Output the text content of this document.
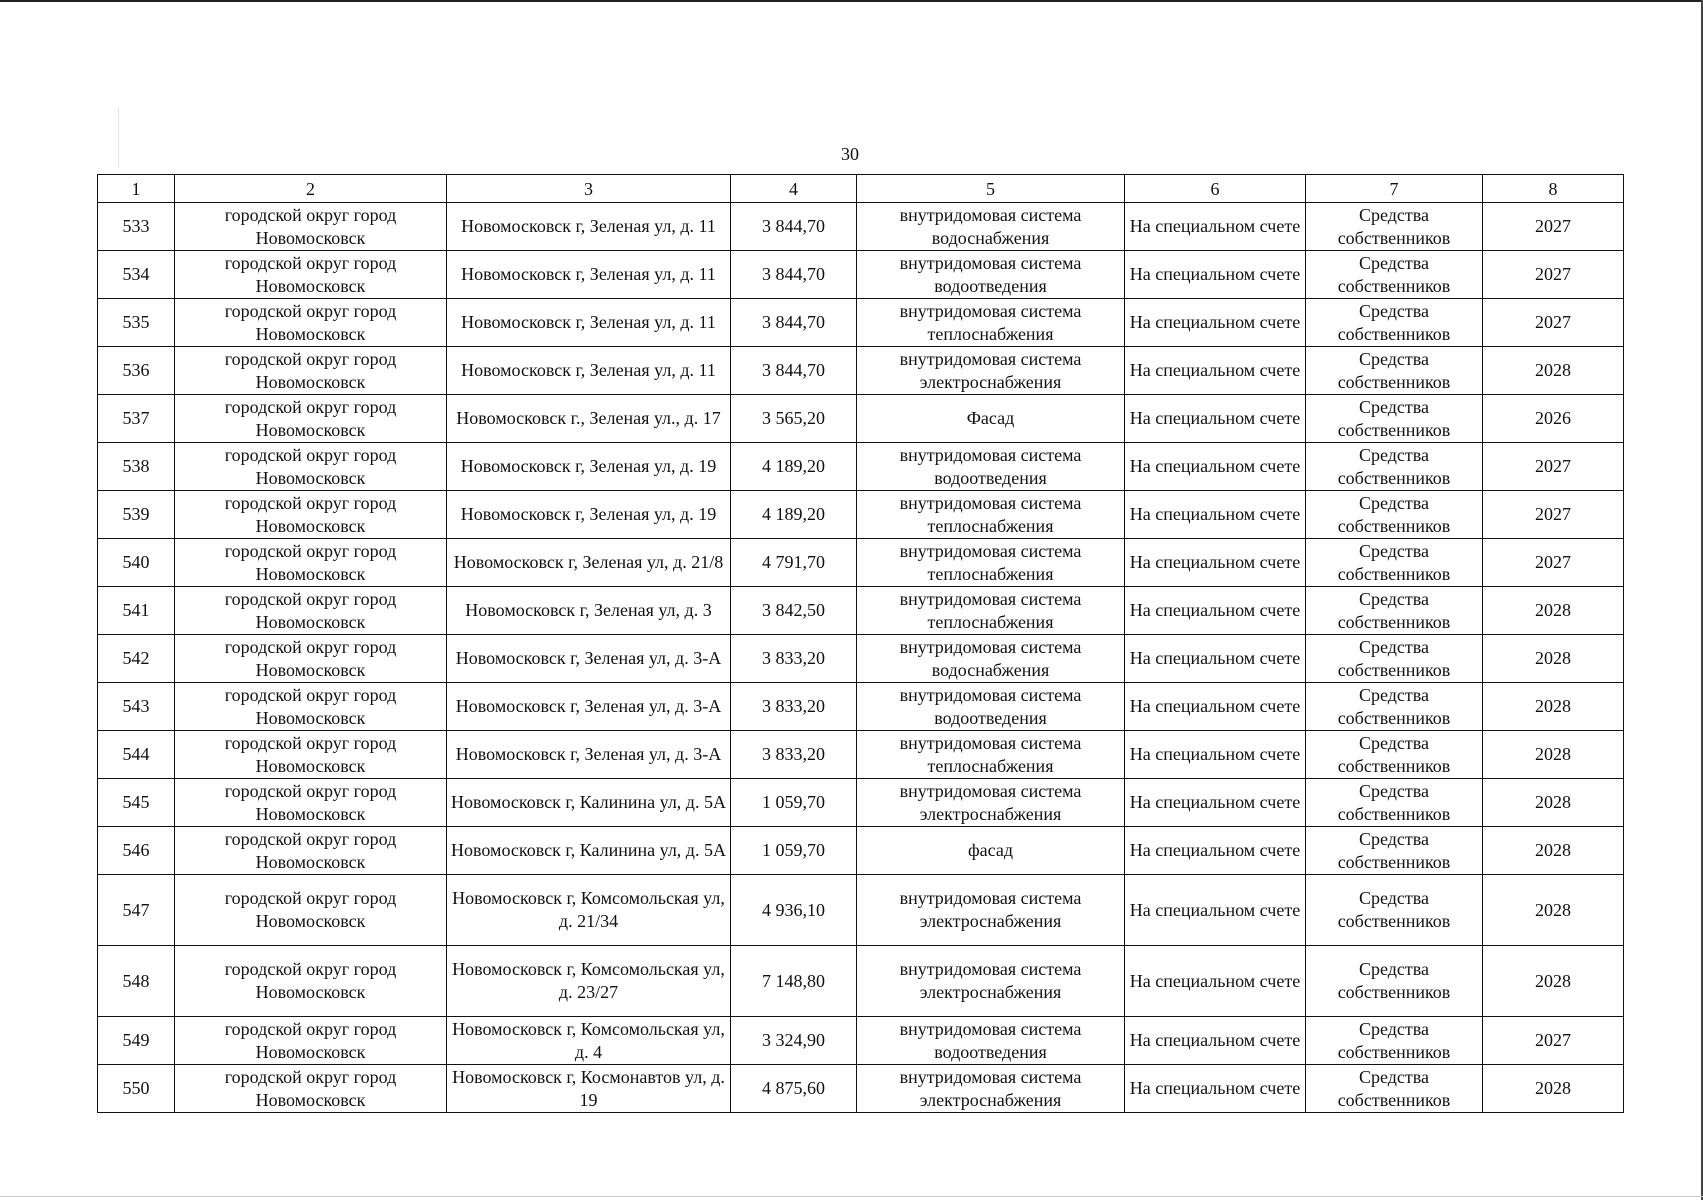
30
1	2	3	4	5	6	7	8
533	городской округ город Новомосковск	Новомосковск г, Зеленая ул, д. 11	3 844,70	внутридомовая система водоснабжения	На специальном счете	Средства собственников	2027
534	городской округ город Новомосковск	Новомосковск г, Зеленая ул, д. 11	3 844,70	внутридомовая система водоотведения	На специальном счете	Средства собственников	2027
535	городской округ город Новомосковск	Новомосковск г, Зеленая ул, д. 11	3 844,70	внутридомовая система теплоснабжения	На специальном счете	Средства собственников	2027
536	городской округ город Новомосковск	Новомосковск г, Зеленая ул, д. 11	3 844,70	внутридомовая система электроснабжения	На специальном счете	Средства собственников	2028
537	городской округ город Новомосковск	Новомосковск г., Зеленая ул., д. 17	3 565,20	Фасад	На специальном счете	Средства собственников	2026
538	городской округ город Новомосковск	Новомосковск г, Зеленая ул, д. 19	4 189,20	внутридомовая система водоотведения	На специальном счете	Средства собственников	2027
539	городской округ город Новомосковск	Новомосковск г, Зеленая ул, д. 19	4 189,20	внутридомовая система теплоснабжения	На специальном счете	Средства собственников	2027
540	городской округ город Новомосковск	Новомосковск г, Зеленая ул, д. 21/8	4 791,70	внутридомовая система теплоснабжения	На специальном счете	Средства собственников	2027
541	городской округ город Новомосковск	Новомосковск г, Зеленая ул, д. 3	3 842,50	внутридомовая система теплоснабжения	На специальном счете	Средства собственников	2028
542	городской округ город Новомосковск	Новомосковск г, Зеленая ул, д. 3-А	3 833,20	внутридомовая система водоснабжения	На специальном счете	Средства собственников	2028
543	городской округ город Новомосковск	Новомосковск г, Зеленая ул, д. 3-А	3 833,20	внутридомовая система водоотведения	На специальном счете	Средства собственников	2028
544	городской округ город Новомосковск	Новомосковск г, Зеленая ул, д. 3-А	3 833,20	внутридомовая система теплоснабжения	На специальном счете	Средства собственников	2028
545	городской округ город Новомосковск	Новомосковск г, Калинина ул, д. 5А	1 059,70	внутридомовая система электроснабжения	На специальном счете	Средства собственников	2028
546	городской округ город Новомосковск	Новомосковск г, Калинина ул, д. 5А	1 059,70	фасад	На специальном счете	Средства собственников	2028
547	городской округ город Новомосковск	Новомосковск г, Комсомольская ул, д. 21/34	4 936,10	внутридомовая система электроснабжения	На специальном счете	Средства собственников	2028
548	городской округ город Новомосковск	Новомосковск г, Комсомольская ул, д. 23/27	7 148,80	внутридомовая система электроснабжения	На специальном счете	Средства собственников	2028
549	городской округ город Новомосковск	Новомосковск г, Комсомольская ул, д. 4	3 324,90	внутридомовая система водоотведения	На специальном счете	Средства собственников	2027
550	городской округ город Новомосковск	Новомосковск г, Космонавтов ул, д. 19	4 875,60	внутридомовая система электроснабжения	На специальном счете	Средства собственников	2028
